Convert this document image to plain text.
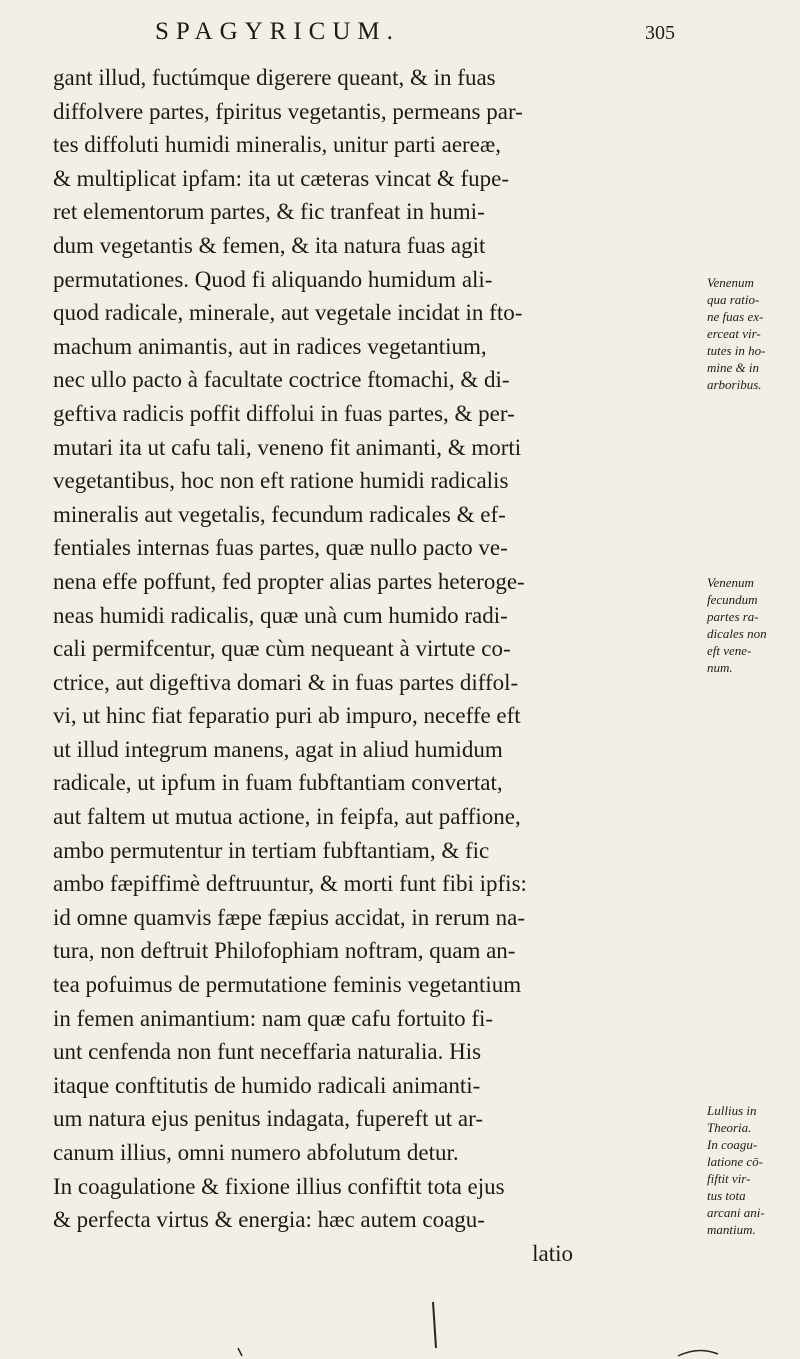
SPAGYRICUM.	305
gant illud, fuctúmque digerere queant, & in fuas
diffolvere partes, fpiritus vegetantis, permeans par-
tes diffoluti humidi mineralis, unitur parti aereæ,
& multiplicat ipfam: ita ut cæteras vincat & fupe-
ret elementorum partes, & fic tranfeat in humi-
dum vegetantis & femen, & ita natura fuas agit
permutationes. Quod fi aliquando humidum ali-
quod radicale, minerale, aut vegetale incidat in fto-
machum animantis, aut in radices vegetantium,
nec ullo pacto à facultate coctrice ftomachi, & di-
geftiva radicis poffit diffolui in fuas partes, & per-
mutari ita ut cafu tali, veneno fit animanti, & morti
vegetantibus, hoc non eft ratione humidi radicalis
mineralis aut vegetalis, fecundum radicales & ef-
fentiales internas fuas partes, quæ nullo pacto ve-
nena effe poffunt, fed propter alias partes heteroge-
neas humidi radicalis, quæ unà cum humido radi-
cali permifcentur, quæ cùm nequeant à virtute co-
ctrice, aut digeftiva domari & in fuas partes diffol-
vi, ut hinc fiat feparatio puri ab impuro, neceffe eft
ut illud integrum manens, agat in aliud humidum
radicale, ut ipfum in fuam fubftantiam convertat,
aut faltem ut mutua actione, in feipfa, aut paffione,
ambo permutentur in tertiam fubftantiam, & fic
ambo fæpiffimè deftruuntur, & morti funt fibi ipfis:
id omne quamvis fæpe fæpius accidat, in rerum na-
tura, non deftruit Philofophiam noftram, quam an-
tea pofuimus de permutatione feminis vegetantium
in femen animantium: nam quæ cafu fortuito fi-
unt cenfenda non funt neceffaria naturalia. His
itaque conftitutis de humido radicali animanti-
um natura ejus penitus indagata, fupereft ut ar-
canum illius, omni numero abfolutum detur.
In coagulatione & fixione illius confiftit tota ejus
& perfecta virtus & energia: hæc autem coagu-
latio
Venenum
qua ratio-
ne fuas ex-
erceat vir-
tutes in ho-
mine & in
arboribus.
Venenum
fecundum
partes ra-
dicales non
eft vene-
num.
Lullius in
Theoria.
In coagu-
latione cō-
fiftit vir-
tus tota
arcani ani-
mantium.
